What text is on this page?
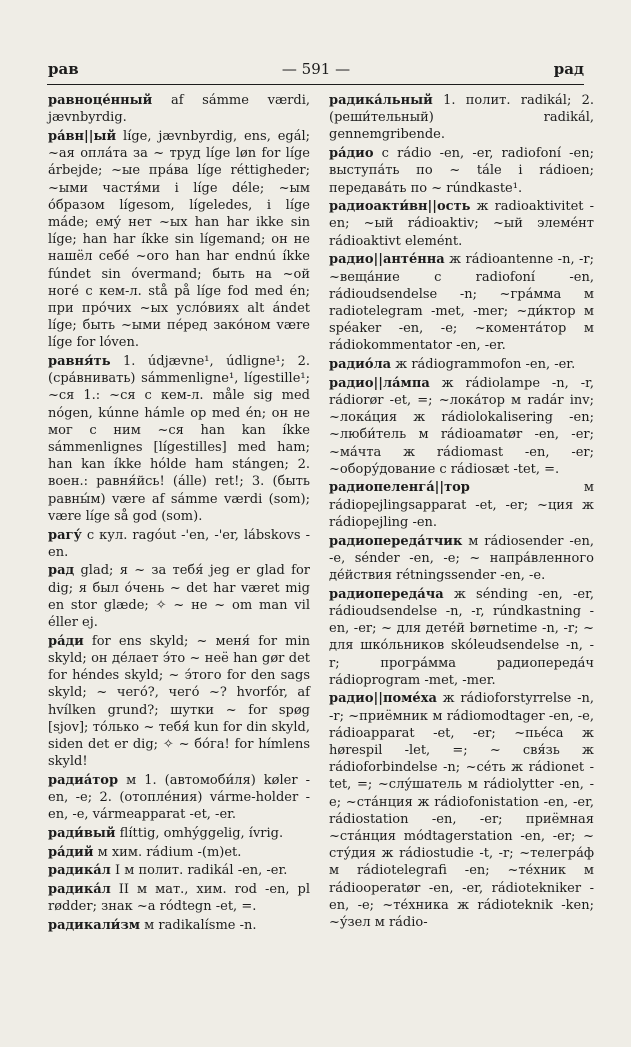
рав	— 591 —	рад

равноце́нный af sámme værdi, jævnbyrdig.

ра́вн||ый líge, jævnbyrdig, ens, egál; ~ая опла́та за ~ труд líge løn for líge árbejde; ~ые пра́ва líge réttigheder; ~ыми частя́ми i líge déle; ~ым о́бразом lígesom, lígeledes, i líge máde; ему́ нет ~ых han har ikke sin líge; han har íkke sin lígemand; он не нашёл себе́ ~ого han har endnú íkke fúndet sin óvermand; быть на ~ой ноге́ с кем-л. stå på líge fod med én; при про́чих ~ых усло́виях alt ándet líge; быть ~ыми пе́ред зако́ном være líge for lóven.

равня́ть 1. údjævne¹, údligne¹; 2. (сра́внивать) sámmenligne¹, lígestille¹; ~ся 1.: ~ся с кем-л. måle sig med nógen, kúnne hámle op med én; он не мог с ним ~ся han kan íkke sámmenlignes [lígestilles] med ham; han kan íkke hólde ham stángen; 2. воен.: равня́йсь! (álle) ret!; 3. (быть равны́м) være af sámme værdi (som); være líge så god (som).

рагу́ с кул. ragóut -'en, -'er, lábskovs -en.

рад glad; я ~ за тебя́ jeg er glad for dig; я был о́чень ~ det har været mig en stor glæde; ✧ ~ не ~ om man vil éller ej.

ра́ди for ens skyld; ~ меня́ for min skyld; он де́лает э́то ~ неё han gør det for héndes skyld; ~ э́того for den sags skyld; ~ чего́?, чего́ ~? hvorfór, af hvílken grund?; шутки ~ for spøg [sjov]; то́лько ~ тебя́ kun for din skyld, siden det er dig; ✧ ~ бо́га! for hímlens skyld!

радиа́тор м 1. (автомоби́ля) køler -en, -e; 2. (отопле́ния) várme-holder -en, -e, vármeapparat -et, -er.

ради́вый flíttig, omhýggelig, ívrig.

ра́дий м хим. rádium -(m)et.

радика́л I м полит. radikál -en, -er.

радика́л II м мат., хим. rod -en, pl rødder; знак ~а ródtegn -et, =.

радикали́зм м radikalísme -n.

радика́льный 1. полит. radikál; 2. (реши́тельный) radikál, gennemgribende.

ра́дио с rádio -en, -er, radiofoní -en; выступа́ть по ~ tále i rádioen; передава́ть по ~ rúndkaste¹.

радиоакти́вн||ость ж radioaktivitet -en; ~ый rádioaktiv; ~ый элеме́нт rádioaktivt elemént.

радио||анте́нна ж rádioantenne -n, -r; ~веща́ние с radiofoní -en, rádioudsendelse -n; ~гра́мма м radiotelegram -met, -mer; ~ди́ктор м spéaker -en, -e; ~комента́тор м rádiokommentator -en, -er.

радио́ла ж rádiogrammofon -en, -er.

радио||ла́мпа ж rádiolampe -n, -r, rádiorør -et, =; ~лока́тор м radár inv; ~лока́ция ж rádiolokalisering -en; ~люби́тель м rádioamatør -en, -er; ~ма́чта ж rádiomast -en, -er; ~обору́дование с rádiosæt -tet, =.

радиопеленга́||тор м rádiopejlingsapparat -et, -er; ~ция ж rádiopejling -en.

радиопереда́тчик м rádiosender -en, -e, sénder -en, -e; ~ напра́вленного де́йствия rétningssender -en, -e.

радиопереда́ча ж sénding -en, -er, rádioudsendelse -n, -r, rúndkastning -en, -er; ~ для дете́й børnetime -n, -r; ~ для шко́льников skóleudsendelse -n, -r; програ́мма радиопереда́ч rádioprogram -met, -mer.

радио||поме́ха ж rádioforstyrrelse -n, -r; ~приёмник м rádiomodtager -en, -e, rádioapparat -et, -er; ~пье́са ж hørespil -let, =; ~ свя́зь ж rádioforbindelse -n; ~се́ть ж rádionet -tet, =; ~слу́шатель м rádiolytter -en, -e; ~ста́нция ж rádiofonistation -en, -er, rádiostation -en, -er; приёмная ~ста́нция módtagerstation -en, -er; ~ сту́дия ж rádiostudie -t, -r; ~телегра́ф м rádiotelegrafi -en; ~те́хник м rádiooperatør -en, -er, rádiotekniker -en, -e; ~те́хника ж rádioteknik -ken; ~у́зел м rádio-
